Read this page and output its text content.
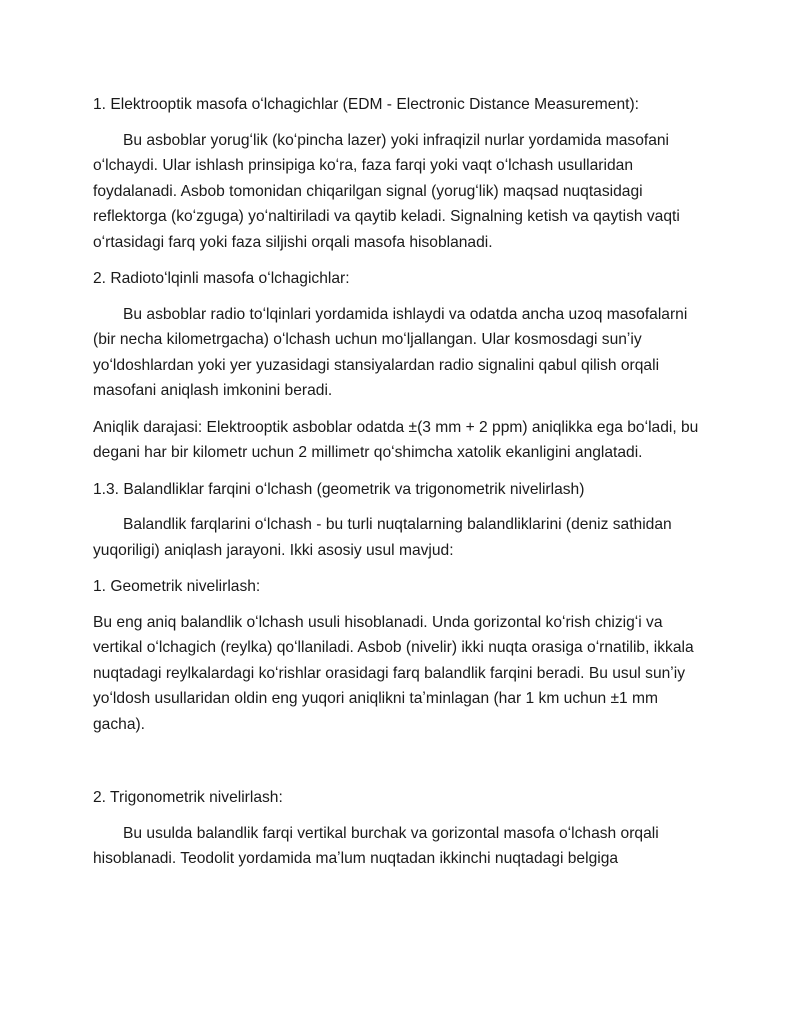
1. Elektrooptik masofa oʻlchagichlar (EDM - Electronic Distance Measurement):

Bu asboblar yorugʻlik (koʻpincha lazer) yoki infraqizil nurlar yordamida masofani oʻlchaydi. Ular ishlash prinsipiga koʻra, faza farqi yoki vaqt oʻlchash usullaridan foydalanadi. Asbob tomonidan chiqarilgan signal (yorugʻlik) maqsad nuqtasidagi reflektorga (koʻzguga) yoʻnaltiriladi va qaytib keladi. Signalning ketish va qaytish vaqti oʻrtasidagi farq yoki faza siljishi orqali masofa hisoblanadi.

2. Radiotoʻlqinli masofa oʻlchagichlar:

Bu asboblar radio toʻlqinlari yordamida ishlaydi va odatda ancha uzoq masofalarni (bir necha kilometrgacha) oʻlchash uchun moʻljallangan. Ular kosmosdagi sunʼiy yoʻldoshlardan yoki yer yuzasidagi stansiyalardan radio signalini qabul qilish orqali masofani aniqlash imkonini beradi.

Aniqlik darajasi: Elektrooptik asboblar odatda ±(3 mm + 2 ppm) aniqlikka ega boʻladi, bu degani har bir kilometr uchun 2 millimetr qoʻshimcha xatolik ekanligini anglatadi.

1.3. Balandliklar farqini oʻlchash (geometrik va trigonometrik nivelirlash)

Balandlik farqlarini oʻlchash - bu turli nuqtalarning balandliklarini (deniz sathidan yuqoriligi) aniqlash jarayoni. Ikki asosiy usul mavjud:

1. Geometrik nivelirlash:

Bu eng aniq balandlik oʻlchash usuli hisoblanadi. Unda gorizontal koʻrish chizigʻi va vertikal oʻlchagich (reylka) qoʻllaniladi. Asbob (nivelir) ikki nuqta orasiga oʻrnatilib, ikkala nuqtadagi reylkalardagi koʻrishlar orasidagi farq balandlik farqini beradi. Bu usul sunʼiy yoʻldosh usullaridan oldin eng yuqori aniqlikni taʼminlagan (har 1 km uchun ±1 mm gacha).

2. Trigonometrik nivelirlash:

Bu usulda balandlik farqi vertikal burchak va gorizontal masofa oʻlchash orqali hisoblanadi. Teodolit yordamida maʼlum nuqtadan ikkinchi nuqtadagi belgiga
